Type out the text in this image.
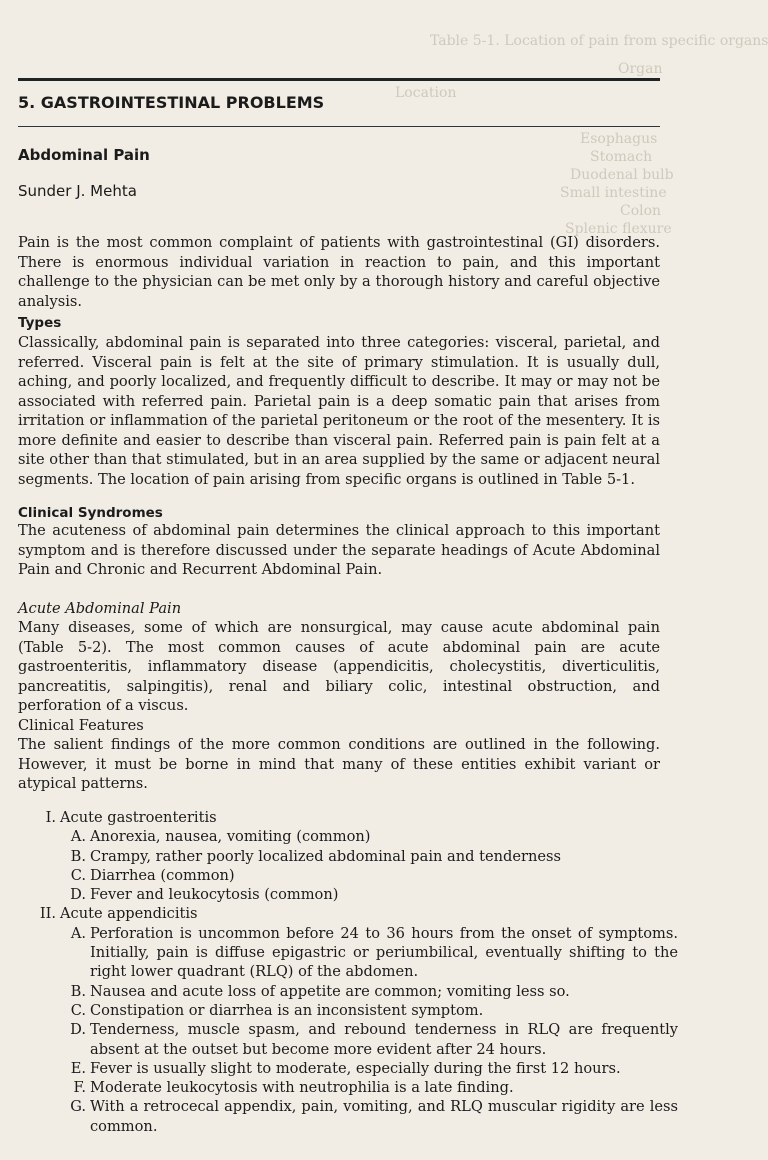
Table 5-1. Location of pain from specific organs
Organ
Location
Esophagus
Stomach
Duodenal bulb
Small intestine
Colon
Splenic flexure
5. GASTROINTESTINAL PROBLEMS
Abdominal Pain
Sunder J. Mehta
Pain is the most common complaint of patients with gastrointestinal (GI) disorders. There is enormous individual variation in reaction to pain, and this important challenge to the physician can be met only by a thorough history and careful objective analysis.
Types
Classically, abdominal pain is separated into three categories: visceral, parietal, and referred. Visceral pain is felt at the site of primary stimulation. It is usually dull, aching, and poorly localized, and frequently difficult to describe. It may or may not be associated with referred pain. Parietal pain is a deep somatic pain that arises from irritation or inflammation of the parietal peritoneum or the root of the mesentery. It is more definite and easier to describe than visceral pain. Referred pain is pain felt at a site other than that stimulated, but in an area supplied by the same or adjacent neural segments. The location of pain arising from specific organs is outlined in Table 5-1.
Clinical Syndromes
The acuteness of abdominal pain determines the clinical approach to this important symptom and is therefore discussed under the separate headings of Acute Abdominal Pain and Chronic and Recurrent Abdominal Pain.
Acute Abdominal Pain
Many diseases, some of which are nonsurgical, may cause acute abdominal pain (Table 5-2). The most common causes of acute abdominal pain are acute gastroenteritis, inflammatory disease (appendicitis, cholecystitis, diverticulitis, pancreatitis, salpingitis), renal and biliary colic, intestinal obstruction, and perforation of a viscus.
Clinical Features
The salient findings of the more common conditions are outlined in the following. However, it must be borne in mind that many of these entities exhibit variant or atypical patterns.
I. Acute gastroenteritis
A. Anorexia, nausea, vomiting (common)
B. Crampy, rather poorly localized abdominal pain and tenderness
C. Diarrhea (common)
D. Fever and leukocytosis (common)
II. Acute appendicitis
A. Perforation is uncommon before 24 to 36 hours from the onset of symptoms. Initially, pain is diffuse epigastric or periumbilical, eventually shifting to the right lower quadrant (RLQ) of the abdomen.
B. Nausea and acute loss of appetite are common; vomiting less so.
C. Constipation or diarrhea is an inconsistent symptom.
D. Tenderness, muscle spasm, and rebound tenderness in RLQ are frequently absent at the outset but become more evident after 24 hours.
E. Fever is usually slight to moderate, especially during the first 12 hours.
F. Moderate leukocytosis with neutrophilia is a late finding.
G. With a retrocecal appendix, pain, vomiting, and RLQ muscular rigidity are less common.
